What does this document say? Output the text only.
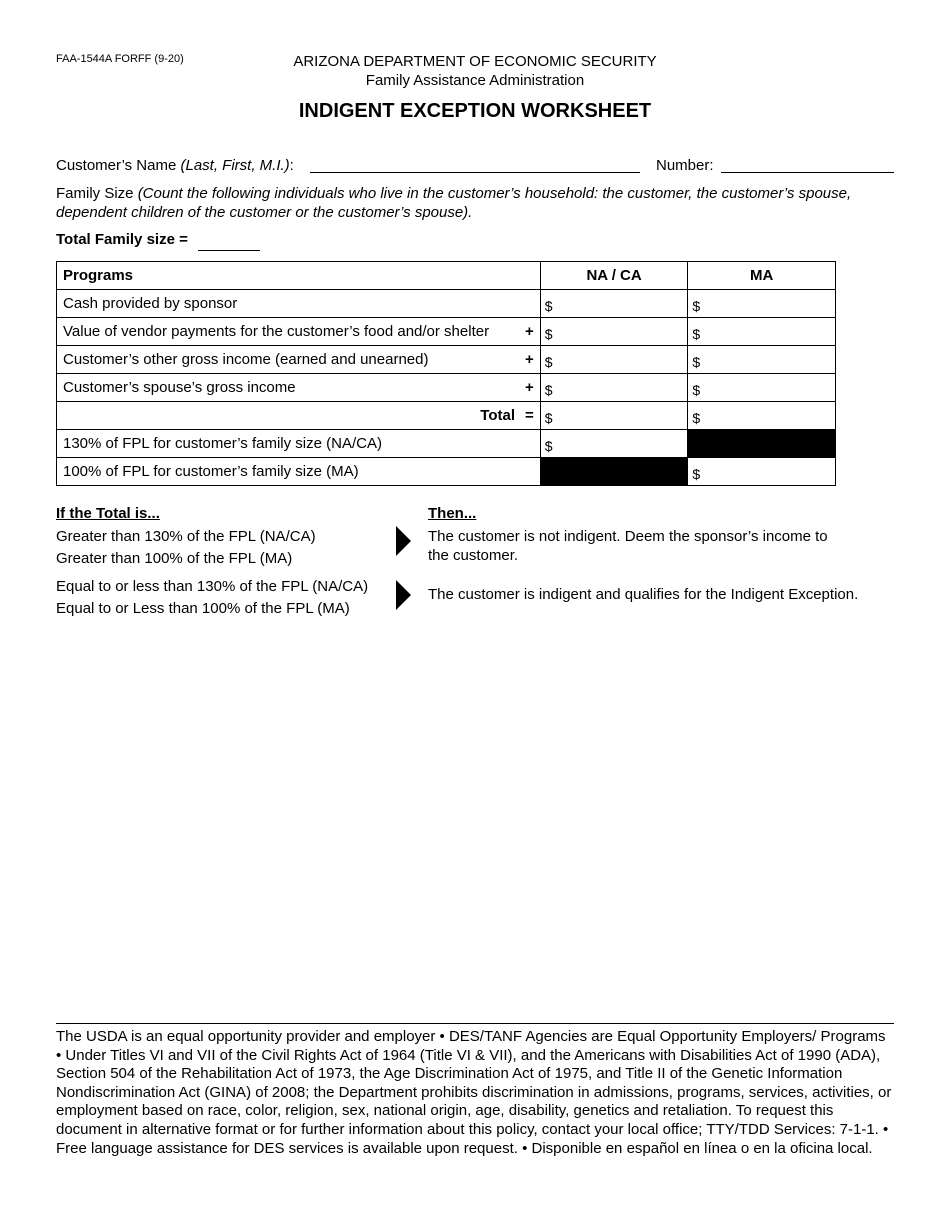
FAA-1544A FORFF (9-20)	ARIZONA DEPARTMENT OF ECONOMIC SECURITY
Family Assistance Administration
INDIGENT EXCEPTION WORKSHEET
Customer’s Name (Last, First, M.I.):	Number:
Family Size (Count the following individuals who live in the customer’s household: the customer, the customer’s spouse, dependent children of the customer or the customer’s spouse).
Total Family size =
Programs	NA / CA	MA

Cash provided by sponsor	$	$

Value of vendor payments for the customer’s food and/or shelter +	$	$

Customer’s other gross income (earned and unearned) +	$	$

Customer’s spouse’s gross income +	$	$

Total =	$	$

130% of FPL for customer’s family size (NA/CA)	$	

100% of FPL for customer’s family size (MA)		$
If the Total is...	Then...
Greater than 130% of the FPL (NA/CA)
Greater than 100% of the FPL (MA)
The customer is not indigent. Deem the sponsor’s income to the customer.
Equal to or less than 130% of the FPL (NA/CA)
Equal to or Less than 100% of the FPL (MA)
The customer is indigent and qualifies for the Indigent Exception.
The USDA is an equal opportunity provider and employer • DES/TANF Agencies are Equal Opportunity Employers/ Programs • Under Titles VI and VII of the Civil Rights Act of 1964 (Title VI & VII), and the Americans with Disabilities Act of 1990 (ADA), Section 504 of the Rehabilitation Act of 1973, the Age Discrimination Act of 1975, and Title II of the Genetic Information Nondiscrimination Act (GINA) of 2008; the Department prohibits discrimination in admissions, programs, services, activities, or employment based on race, color, religion, sex, national origin, age, disability, genetics and retaliation. To request this document in alternative format or for further information about this policy, contact your local office; TTY/TDD Services: 7-1-1. • Free language assistance for DES services is available upon request. • Disponible en español en línea o en la oficina local.
